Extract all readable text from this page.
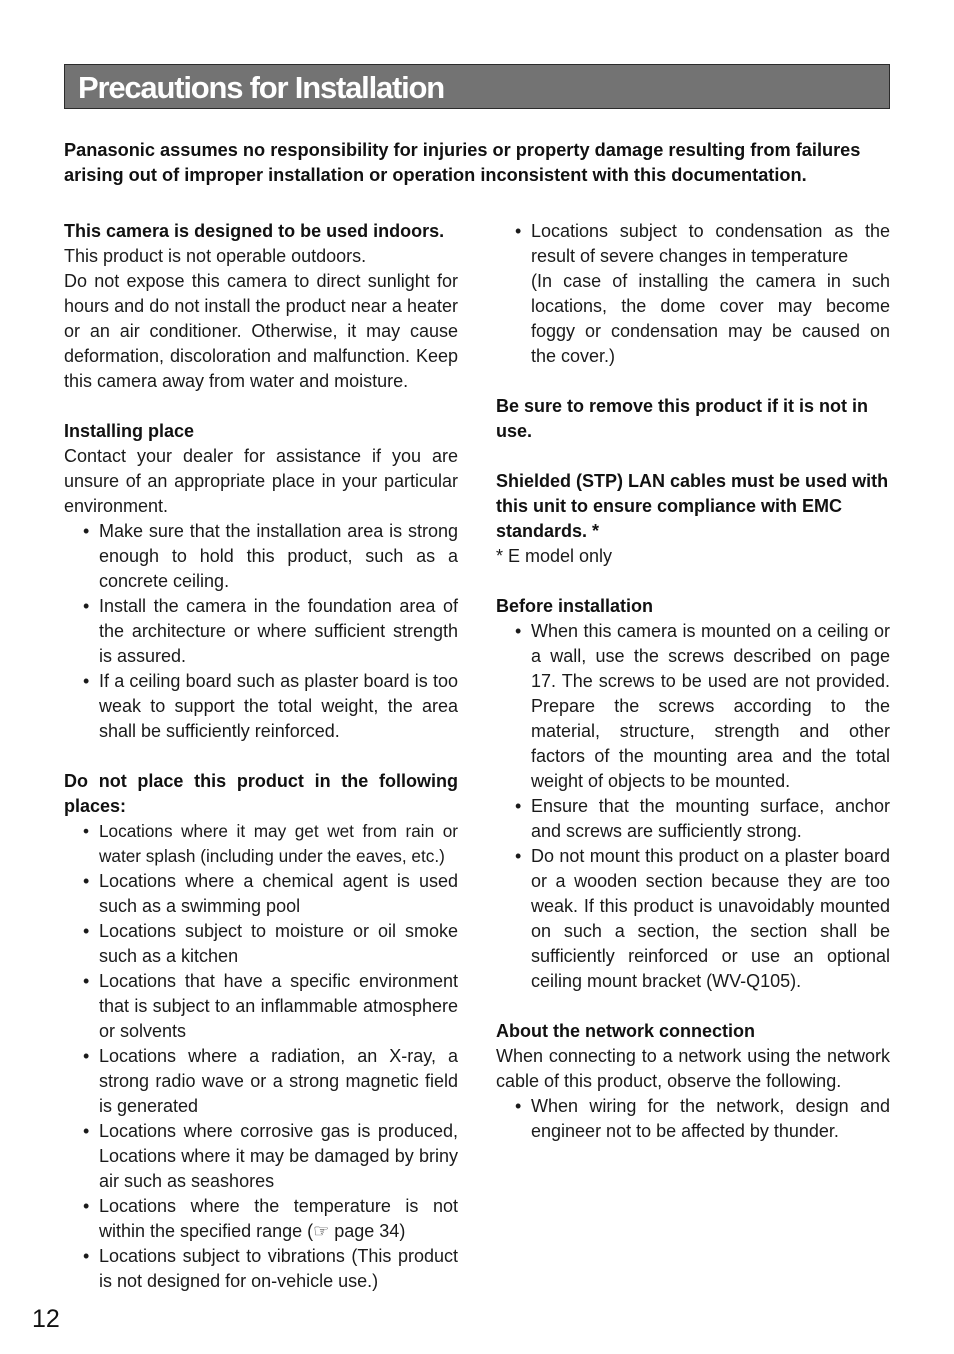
Precautions for Installation
Panasonic assumes no responsibility for injuries or property damage resulting from failures arising out of improper installation or operation inconsistent with this documentation.

This camera is designed to be used indoors.

This product is not operable outdoors.

Do not expose this camera to direct sunlight for hours and do not install the product near a heater or an air conditioner. Otherwise, it may cause deformation, discoloration and malfunction. Keep this camera away from water and moisture.

Installing place

Contact your dealer for assistance if you are unsure of an appropriate place in your particular environment.

• Make sure that the installation area is strong enough to hold this product, such as a concrete ceiling.
• Install the camera in the foundation area of the architecture or where sufficient strength is assured.
• If a ceiling board such as plaster board is too weak to support the total weight, the area shall be sufficiently reinforced.

Do not place this product in the following places:

• Locations where it may get wet from rain or water splash (including under the eaves, etc.)
• Locations where a chemical agent is used such as a swimming pool
• Locations subject to moisture or oil smoke such as a kitchen
• Locations that have a specific environment that is subject to an inflammable atmosphere or solvents
• Locations where a radiation, an X-ray, a strong radio wave or a strong magnetic field is generated
• Locations where corrosive gas is produced, Locations where it may be damaged by briny air such as seashores
• Locations where the temperature is not within the specified range (☞ page 34)
• Locations subject to vibrations (This product is not designed for on-vehicle use.)
• Locations subject to condensation as the result of severe changes in temperature
(In case of installing the camera in such locations, the dome cover may become foggy or condensation may be caused on the cover.)

Be sure to remove this product if it is not in use.

Shielded (STP) LAN cables must be used with this unit to ensure compliance with EMC standards. *

* E model only

Before installation

• When this camera is mounted on a ceiling or a wall, use the screws described on page 17. The screws to be used are not provided. Prepare the screws according to the material, structure, strength and other factors of the mounting area and the total weight of objects to be mounted.
• Ensure that the mounting surface, anchor and screws are sufficiently strong.
• Do not mount this product on a plaster board or a wooden section because they are too weak. If this product is unavoidably mounted on such a section, the section shall be sufficiently reinforced or use an optional ceiling mount bracket (WV-Q105).

About the network connection

When connecting to a network using the network cable of this product, observe the following.

• When wiring for the network, design and engineer not to be affected by thunder.
12
